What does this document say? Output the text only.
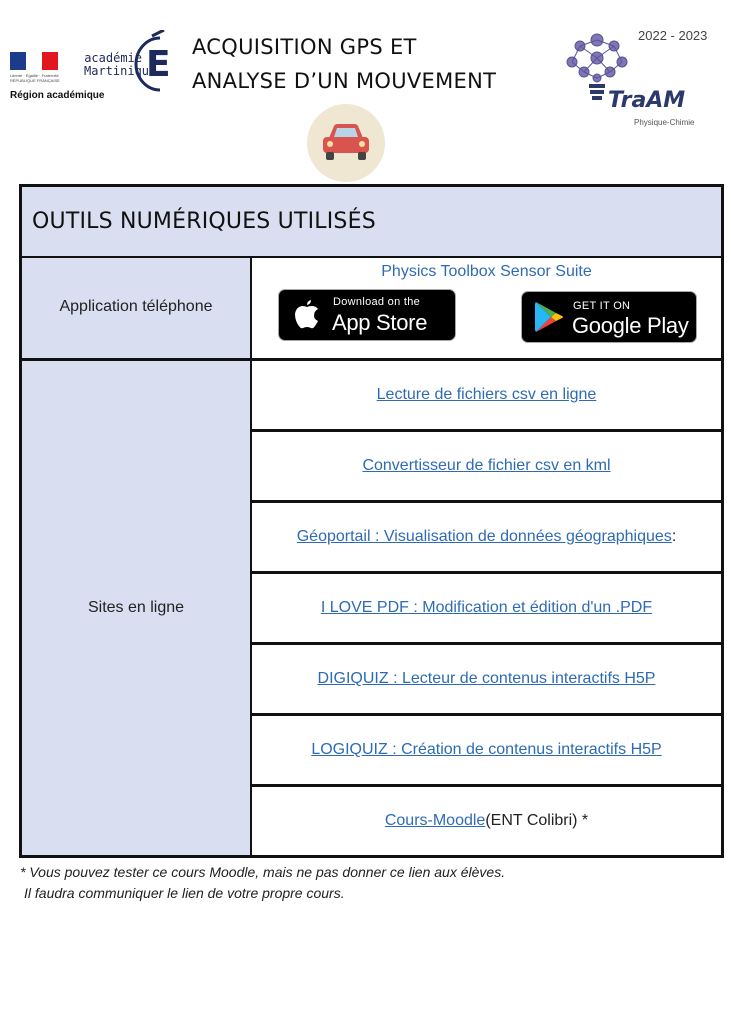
Liberté · Égalité · Fraternité RÉPUBLIQUE FRANÇAISE
Région académique
académie
Martinique
E ACQUISITION GPS ET
ANALYSE D’UN MOUVEMENT
2022 - 2023
TraAM
Physique-Chimie
OUTILS NUMÉRIQUES UTILISÉS
Application téléphone
Sites en ligne
Physics Toolbox Sensor Suite
Download on the
App Store
GET IT ON
Google Play
Lecture de fichiers csv en ligne
Convertisseur de fichier csv en kml
Géoportail : Visualisation de données géographiques :
I LOVE PDF : Modification et édition d'un .PDF
DIGIQUIZ : Lecteur de contenus interactifs H5P
LOGIQUIZ : Création de contenus interactifs H5P
Cours-Moodle (ENT Colibri) *
* Vous pouvez tester ce cours Moodle, mais ne pas donner ce lien aux élèves.
Il faudra communiquer le lien de votre propre cours.
